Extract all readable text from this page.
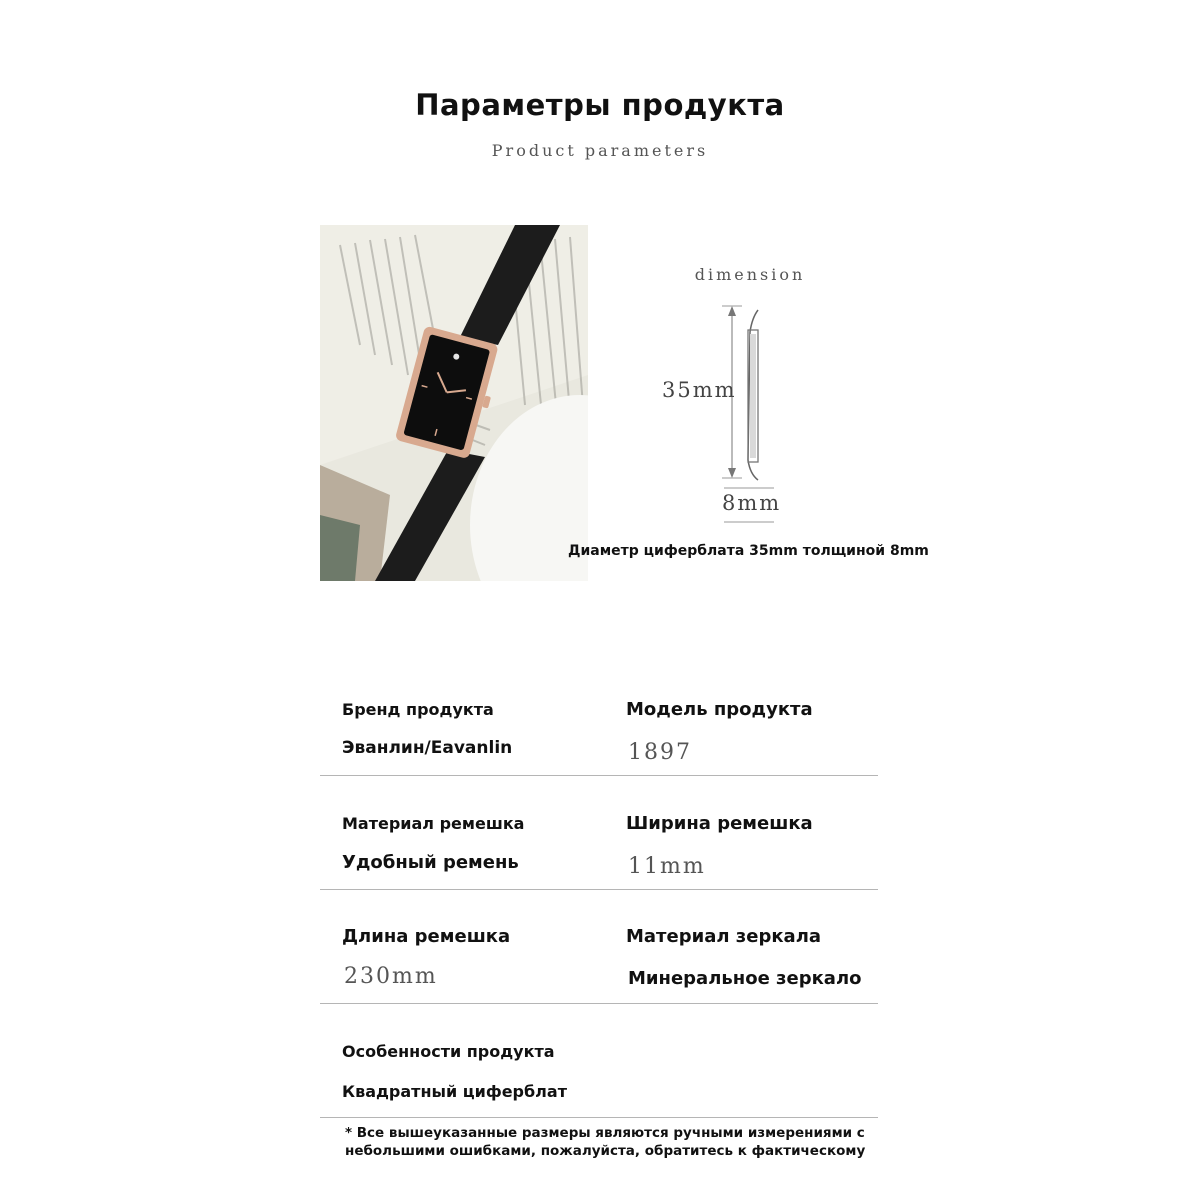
Параметры продукта
Product parameters
dimension
35mm
8mm
Диаметр циферблата 35mm толщиной 8mm
Бренд продукта
Эванлин/Eavanlin
Модель продукта
1897
Материал ремешка
Удобный ремень
Ширина ремешка
11mm
Длина ремешка
230mm
Материал зеркала
Минеральное зеркало
Особенности продукта
Квадратный циферблат
* Все вышеуказанные размеры являются ручными измерениями с небольшими ошибками, пожалуйста, обратитесь к фактическому
